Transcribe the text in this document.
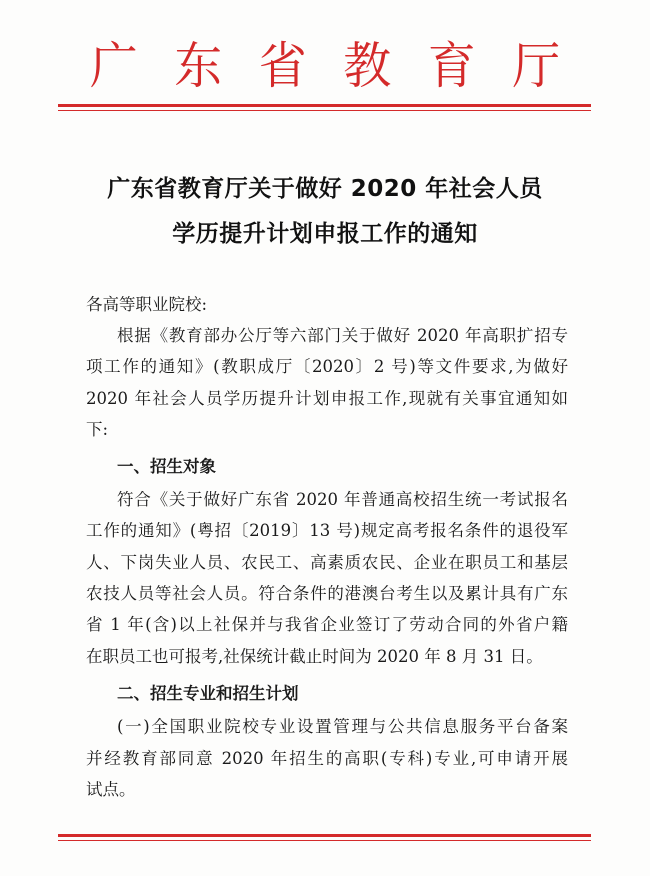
广东省教育厅
广东省教育厅关于做好 2020 年社会人员
学历提升计划申报工作的通知
各高等职业院校:
根据《教育部办公厅等六部门关于做好 2020 年高职扩招专
项工作的通知》(教职成厅〔2020〕2 号)等文件要求,为做好
2020 年社会人员学历提升计划申报工作,现就有关事宜通知如
下:
一、招生对象
符合《关于做好广东省 2020 年普通高校招生统一考试报名
工作的通知》(粤招〔2019〕13 号)规定高考报名条件的退役军
人、下岗失业人员、农民工、高素质农民、企业在职员工和基层
农技人员等社会人员。符合条件的港澳台考生以及累计具有广东
省 1 年(含)以上社保并与我省企业签订了劳动合同的外省户籍
在职员工也可报考,社保统计截止时间为 2020 年 8 月 31 日。
二、招生专业和招生计划
(一)全国职业院校专业设置管理与公共信息服务平台备案
并经教育部同意 2020 年招生的高职(专科)专业,可申请开展
试点。
